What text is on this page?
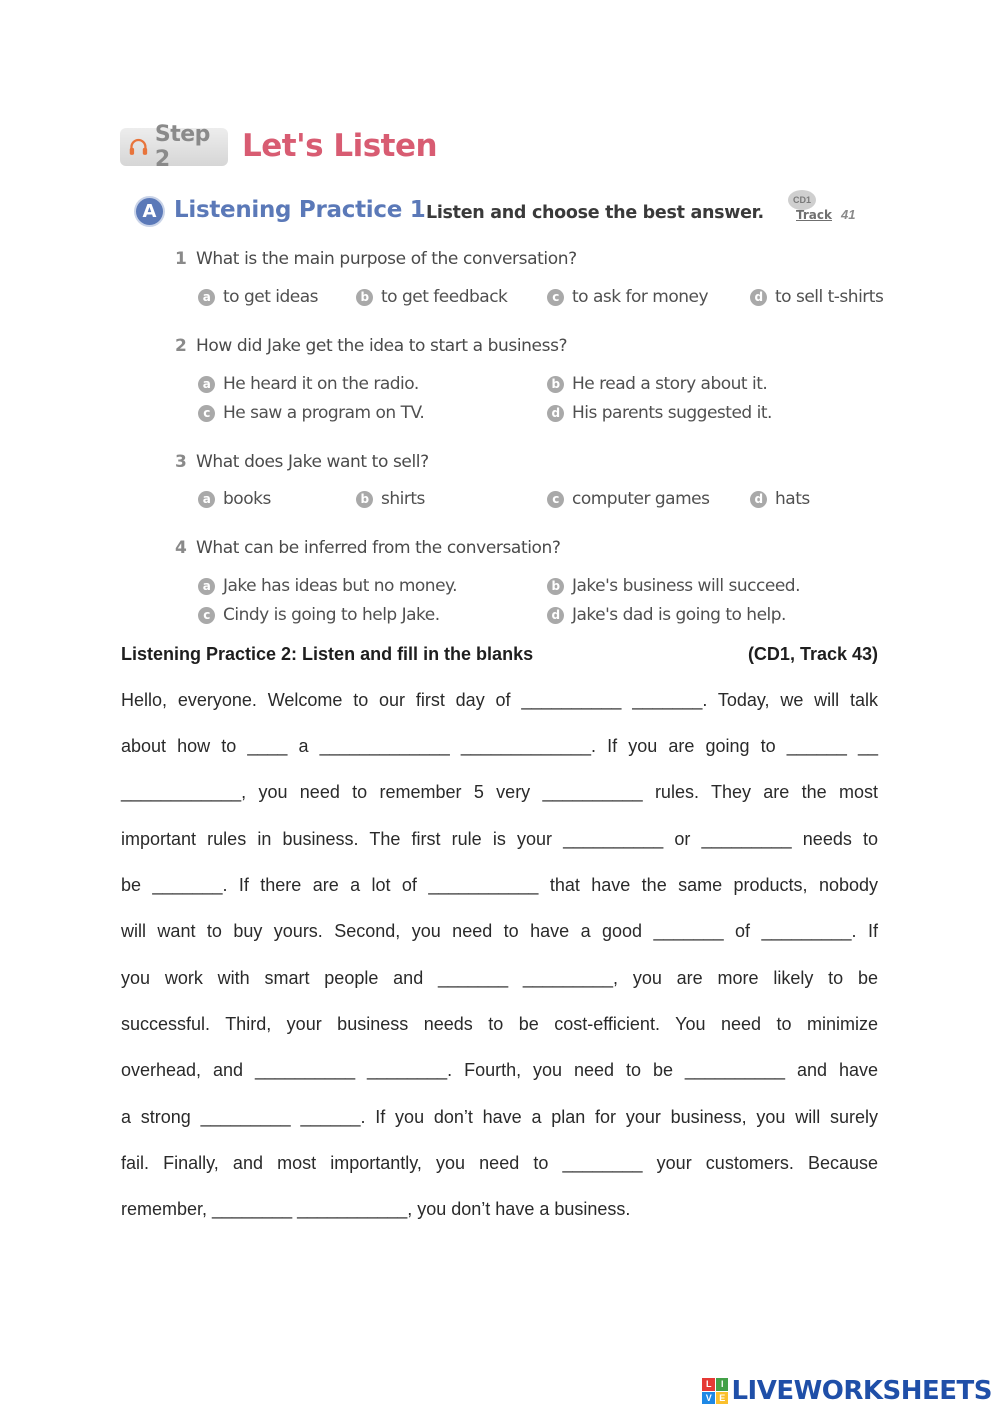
Step 2	Let's Listen
A Listening Practice 1 Listen and choose the best answer.
CD1
Track 41
1 What is the main purpose of the conversation?
a to get ideas	b to get feedback	c to ask for money	d to sell t-shirts
2 How did Jake get the idea to start a business?
a He heard it on the radio.	b He read a story about it.
c He saw a program on TV.	d His parents suggested it.
3 What does Jake want to sell?
a books	b shirts	c computer games	d hats
4 What can be inferred from the conversation?
a Jake has ideas but no money.	b Jake's business will succeed.
c Cindy is going to help Jake.	d Jake's dad is going to help.
Listening Practice 2: Listen and fill in the blanks	(CD1, Track 43)
Hello, everyone. Welcome to our first day of __________ _______. Today, we will talk
about how to ____ a _____________ _____________. If you are going to ______ __
____________, you need to remember 5 very __________ rules. They are the most
important rules in business. The first rule is your __________ or _________ needs to
be _______. If there are a lot of ___________ that have the same products, nobody
will want to buy yours. Second, you need to have a good _______ of _________. If
you work with smart people and _______ _________, you are more likely to be
successful. Third, your business needs to be cost-efficient. You need to minimize
overhead, and __________ ________. Fourth, you need to be __________ and have
a strong _________ ______. If you don’t have a plan for your business, you will surely
fail. Finally, and most importantly, you need to ________ your customers. Because
remember, ________ ___________, you don’t have a business.
L	I
V E LIVEWORKSHEETS
